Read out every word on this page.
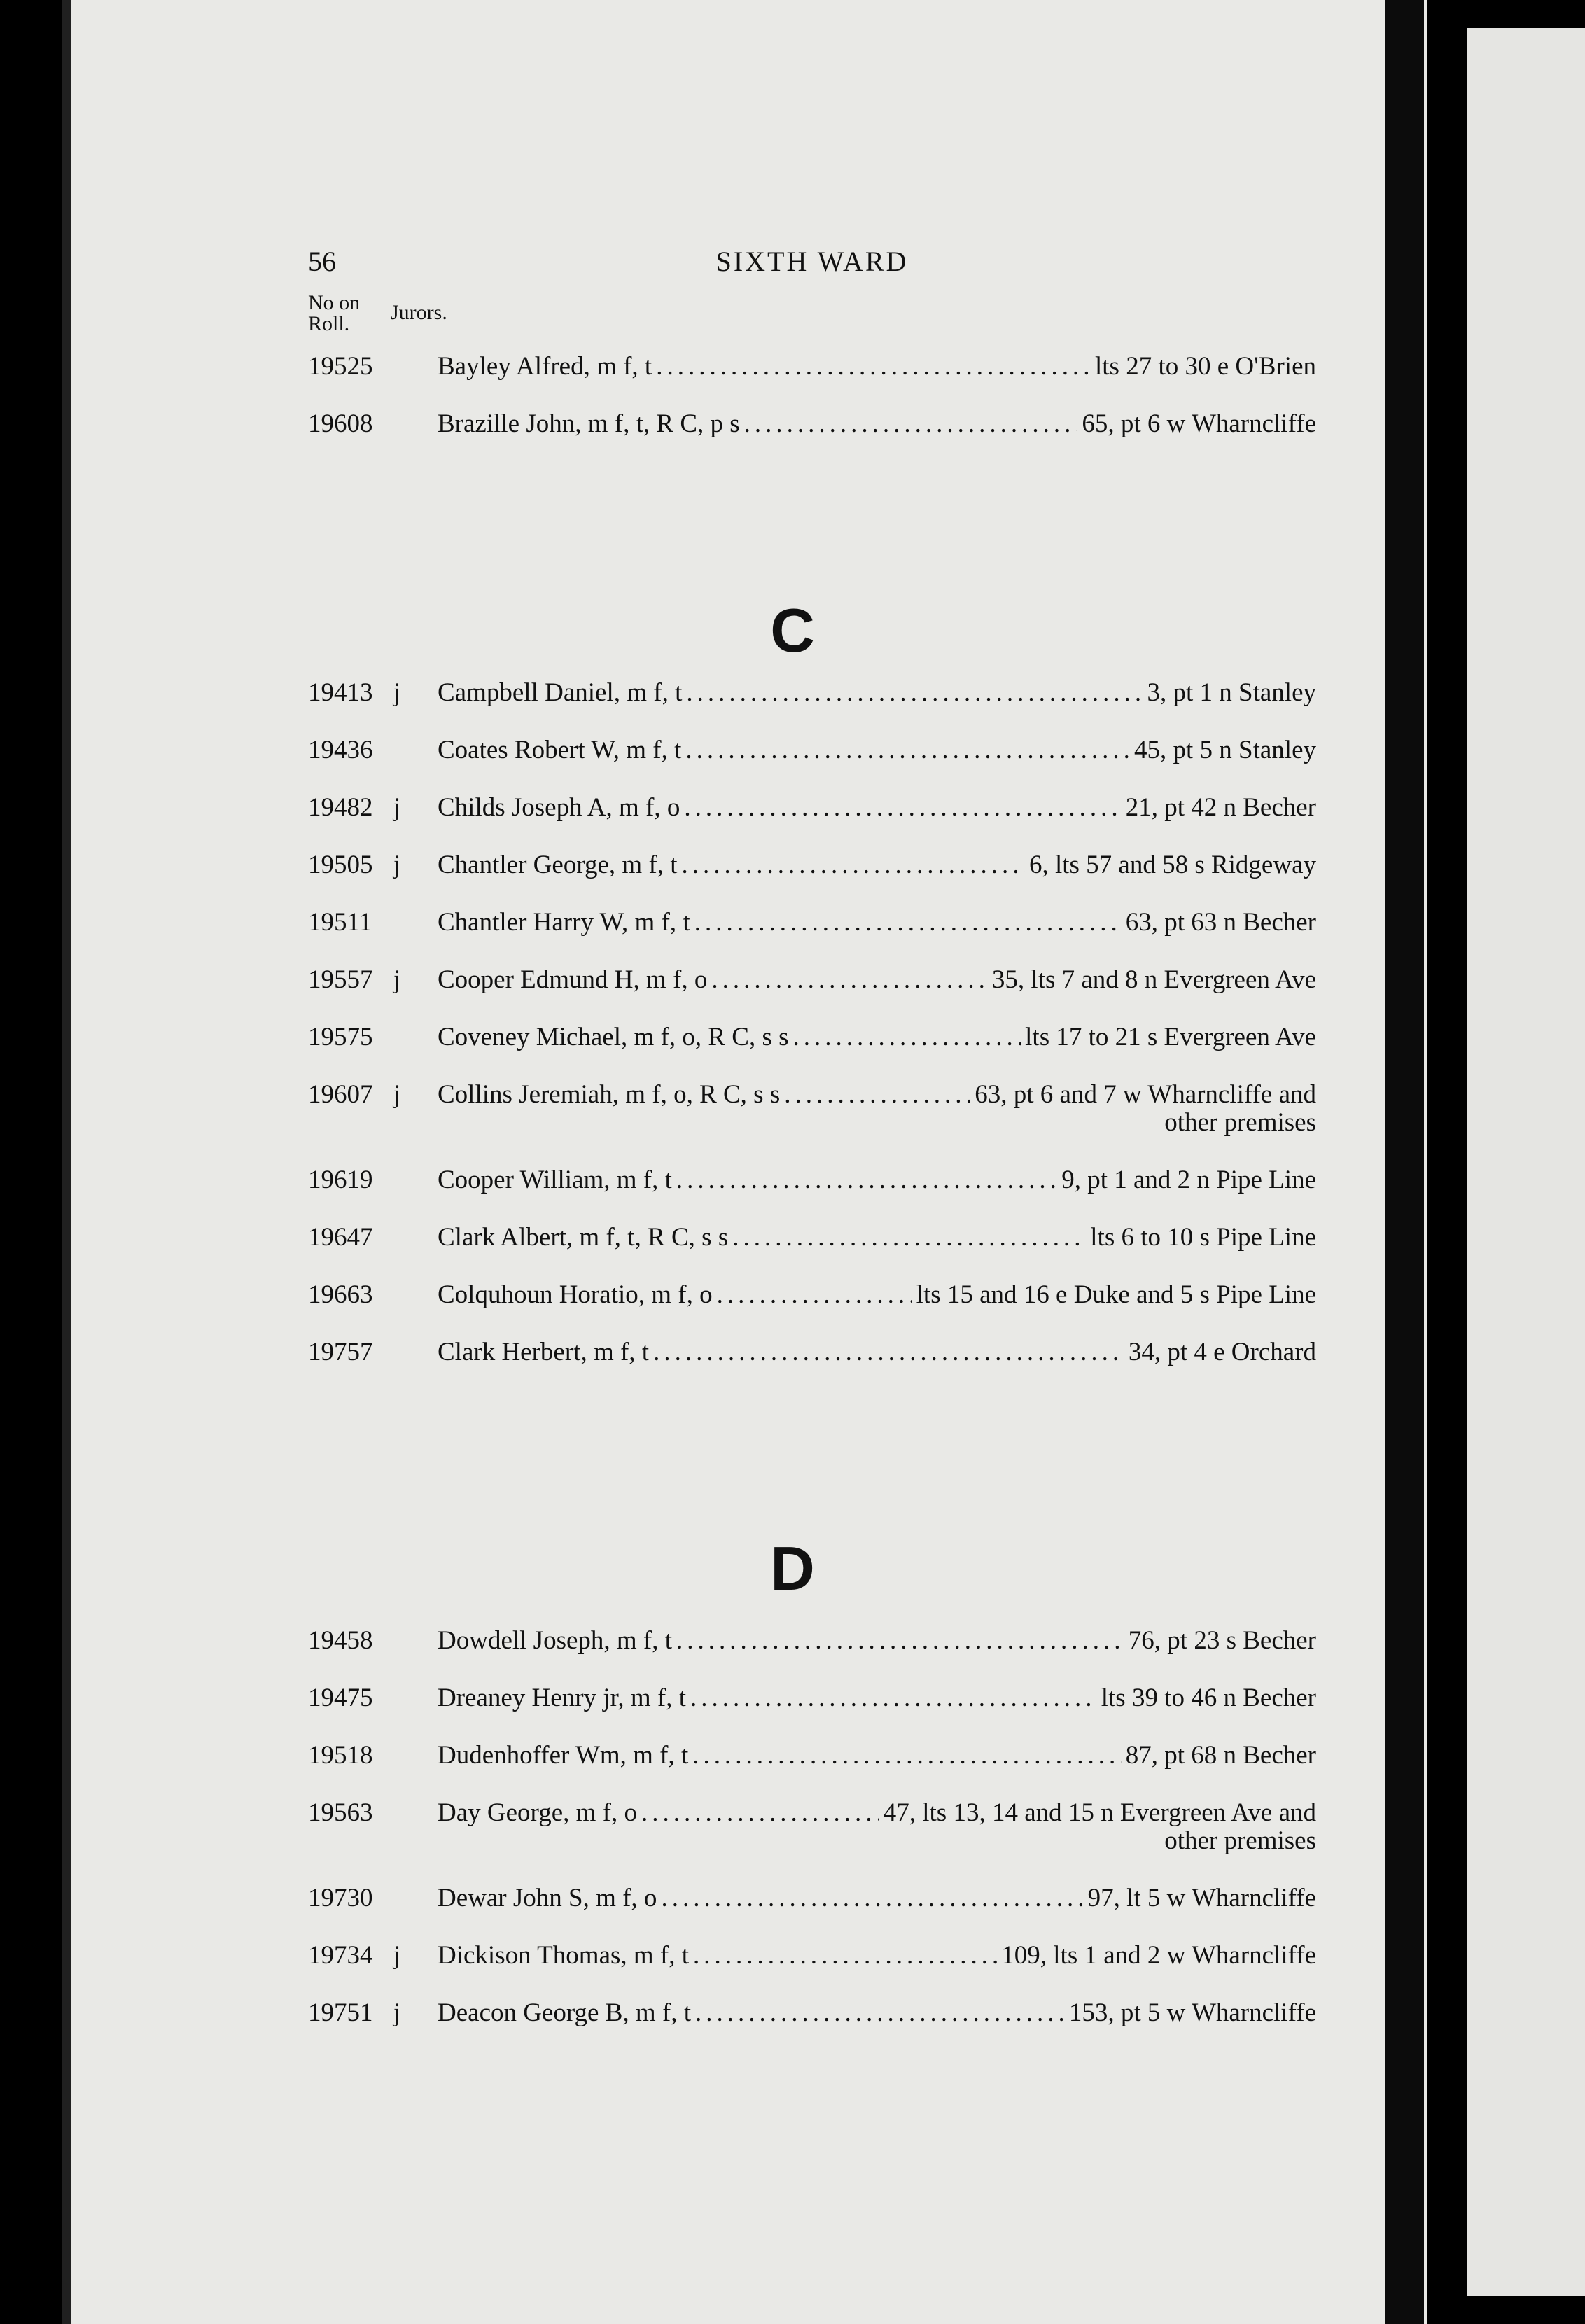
56	SIXTH WARD
No on
Roll.	Jurors.
19525	Bayley Alfred, m f, t .....	lts 27 to 30 e O'Brien
19608	Brazille John, m f, t, R C, p s .....	65, pt 6 w Wharncliffe
C
19413 j Campbell Daniel, m f, t .....	3, pt 1 n Stanley
19436	Coates Robert W, m f, t .....	45, pt 5 n Stanley
19482 j Childs Joseph A, m f, o .....	21, pt 42 n Becher
19505 j Chantler George, m f, t .....	6, lts 57 and 58 s Ridgeway
19511	Chantler Harry W, m f, t .....	63, pt 63 n Becher
19557 j Cooper Edmund H, m f, o .....	35, lts 7 and 8 n Evergreen Ave
19575	Coveney Michael, m f, o, R C, s s .....	lts 17 to 21 s Evergreen Ave
19607 j Collins Jeremiah, m f, o, R C, s s .....	63, pt 6 and 7 w Wharncliffe and
other premises
19619	Cooper William, m f, t .....	9, pt 1 and 2 n Pipe Line
19647	Clark Albert, m f, t, R C, s s .....	lts 6 to 10 s Pipe Line
19663	Colquhoun Horatio, m f, o .....	lts 15 and 16 e Duke and 5 s Pipe Line
19757	Clark Herbert, m f, t .....	34, pt 4 e Orchard
D
19458	Dowdell Joseph, m f, t .....	76, pt 23 s Becher
19475	Dreaney Henry jr, m f, t .....	lts 39 to 46 n Becher
19518	Dudenhoffer Wm, m f, t .....	87, pt 68 n Becher
19563	Day George, m f, o .....	47, lts 13, 14 and 15 n Evergreen Ave and
other premises
19730	Dewar John S, m f, o .....	97, lt 5 w Wharncliffe
19734 j Dickison Thomas, m f, t .....	109, lts 1 and 2 w Wharncliffe
19751 j Deacon George B, m f, t .....	153, pt 5 w Wharncliffe
